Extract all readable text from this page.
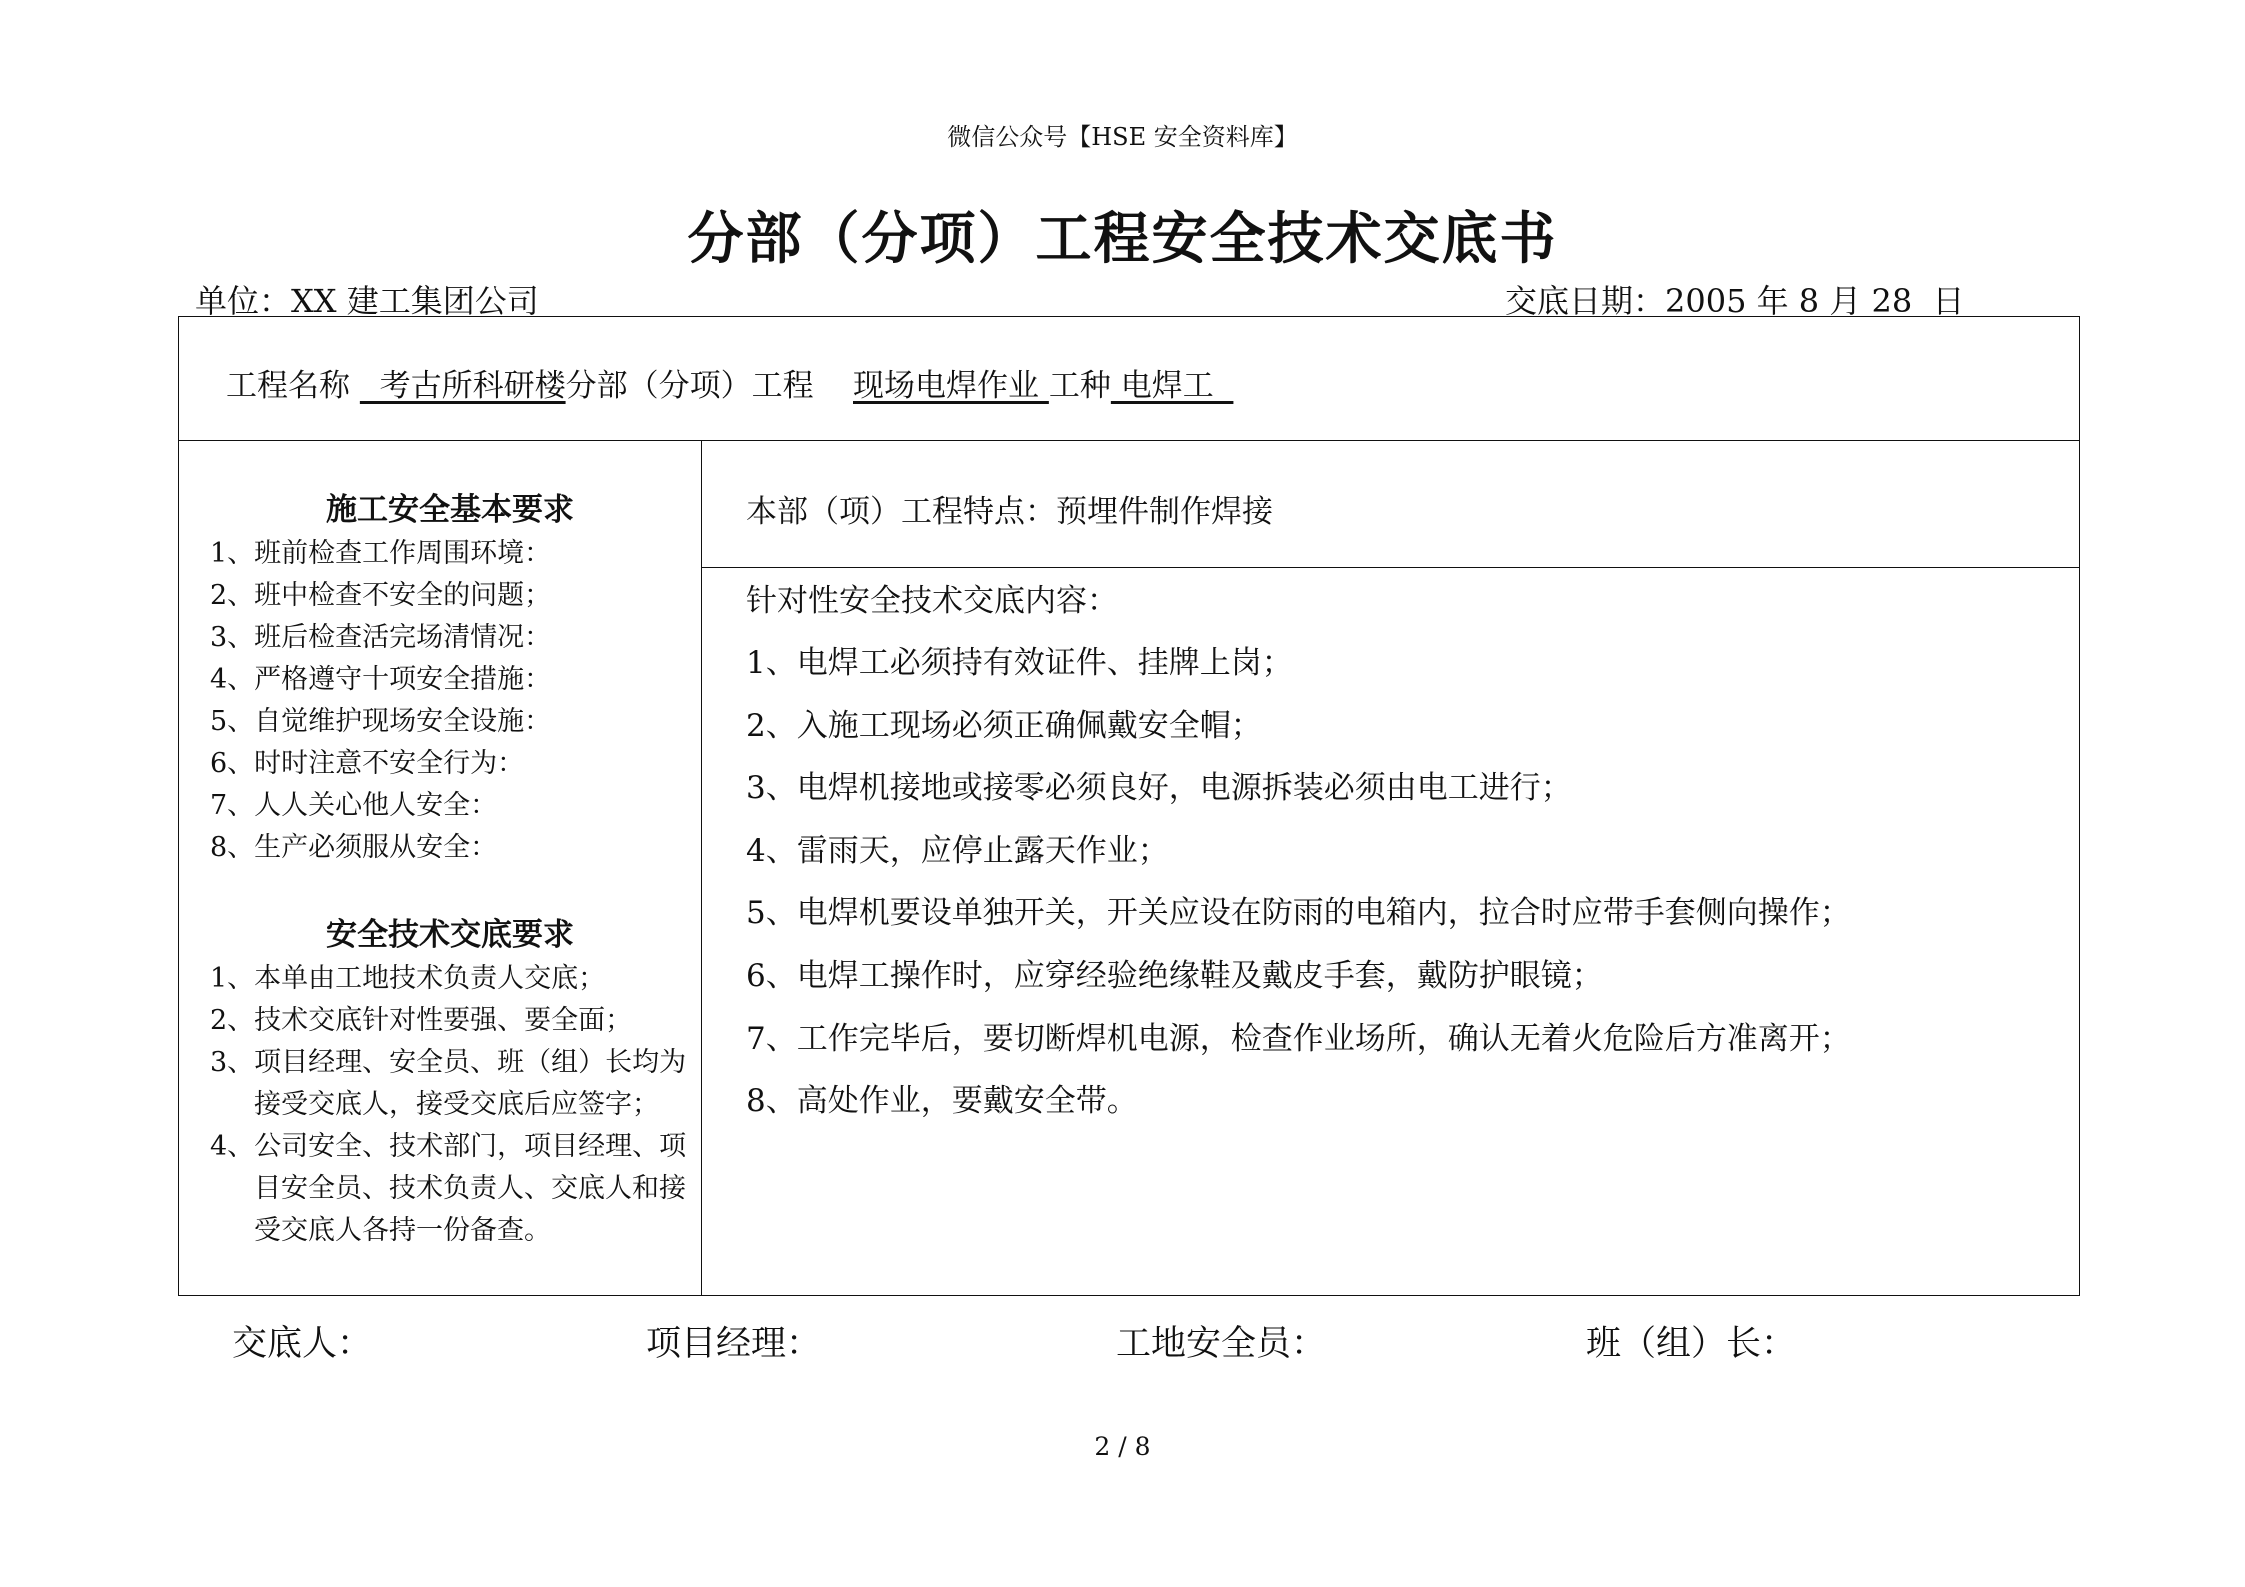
微信公众号【HSE 安全资料库】
分部（分项）工程安全技术交底书
单位：XX 建工集团公司	交底日期：2005 年 8 月 28  日
工程名称   考古所科研楼分部（分项）工程 现场电焊作业 工种 电焊工
施工安全基本要求
1、班前检查工作周围环境：
2、班中检查不安全的问题；
3、班后检查活完场清情况：
4、严格遵守十项安全措施：
5、自觉维护现场安全设施：
6、时时注意不安全行为：
7、人人关心他人安全：
8、生产必须服从安全：
安全技术交底要求
1、本单由工地技术负责人交底；
2、技术交底针对性要强、要全面；
3、项目经理、安全员、班（组）长均为接受交底人，接受交底后应签字；
4、公司安全、技术部门，项目经理、项目安全员、技术负责人、交底人和接受交底人各持一份备查。
本部（项）工程特点：预埋件制作焊接
针对性安全技术交底内容：
1、电焊工必须持有效证件、挂牌上岗；
2、入施工现场必须正确佩戴安全帽；
3、电焊机接地或接零必须良好，电源拆装必须由电工进行；
4、雷雨天，应停止露天作业；
5、电焊机要设单独开关，开关应设在防雨的电箱内，拉合时应带手套侧向操作；
6、电焊工操作时，应穿经验绝缘鞋及戴皮手套，戴防护眼镜；
7、工作完毕后，要切断焊机电源，检查作业场所，确认无着火危险后方准离开；
8、高处作业，要戴安全带。
交底人：	项目经理：	工地安全员：	班（组）长：
2 / 8
